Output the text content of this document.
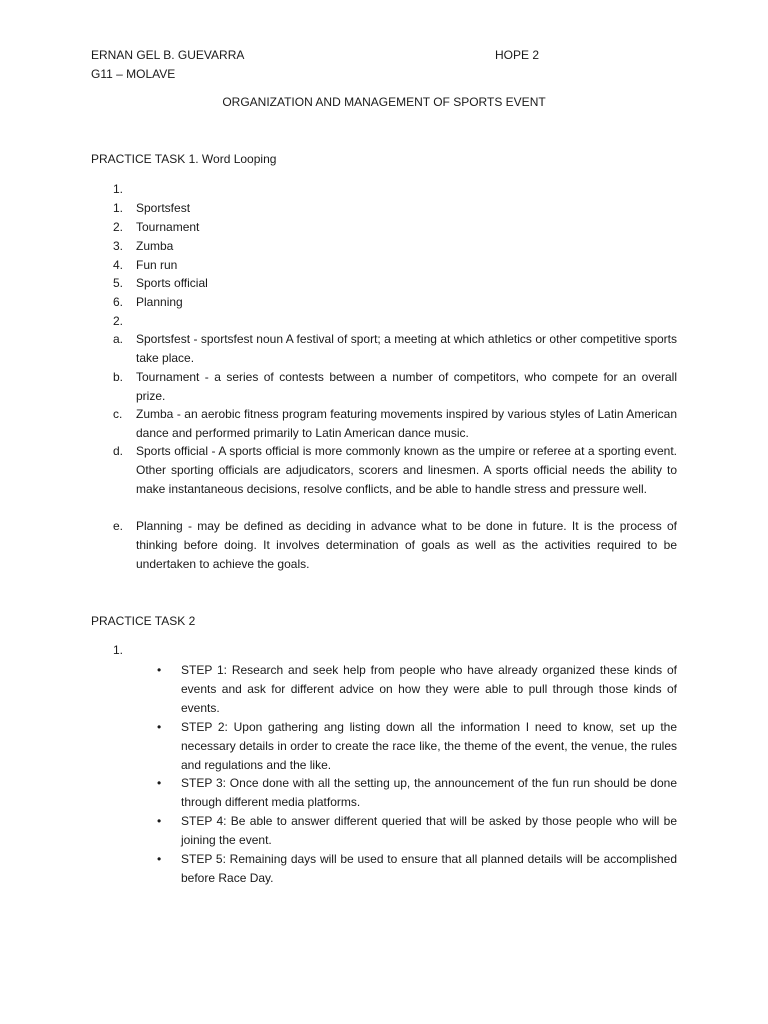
ERNAN GEL B. GUEVARRA	HOPE 2
G11 – MOLAVE
ORGANIZATION AND MANAGEMENT OF SPORTS EVENT
PRACTICE TASK 1. Word Looping
1.
1. Sportsfest
2. Tournament
3. Zumba
4. Fun run
5. Sports official
6. Planning
2.
a. Sportsfest - sportsfest noun A festival of sport; a meeting at which athletics or other competitive sports take place.
b. Tournament - a series of contests between a number of competitors, who compete for an overall prize.
c. Zumba - an aerobic fitness program featuring movements inspired by various styles of Latin American dance and performed primarily to Latin American dance music.
d. Sports official - A sports official is more commonly known as the umpire or referee at a sporting event. Other sporting officials are adjudicators, scorers and linesmen. A sports official needs the ability to make instantaneous decisions, resolve conflicts, and be able to handle stress and pressure well.
e. Planning - may be defined as deciding in advance what to be done in future. It is the process of thinking before doing. It involves determination of goals as well as the activities required to be undertaken to achieve the goals.
PRACTICE TASK 2
1.
• STEP 1: Research and seek help from people who have already organized these kinds of events and ask for different advice on how they were able to pull through those kinds of events.
• STEP 2: Upon gathering ang listing down all the information I need to know, set up the necessary details in order to create the race like, the theme of the event, the venue, the rules and regulations and the like.
• STEP 3: Once done with all the setting up, the announcement of the fun run should be done through different media platforms.
• STEP 4: Be able to answer different queried that will be asked by those people who will be joining the event.
• STEP 5: Remaining days will be used to ensure that all planned details will be accomplished before Race Day.
